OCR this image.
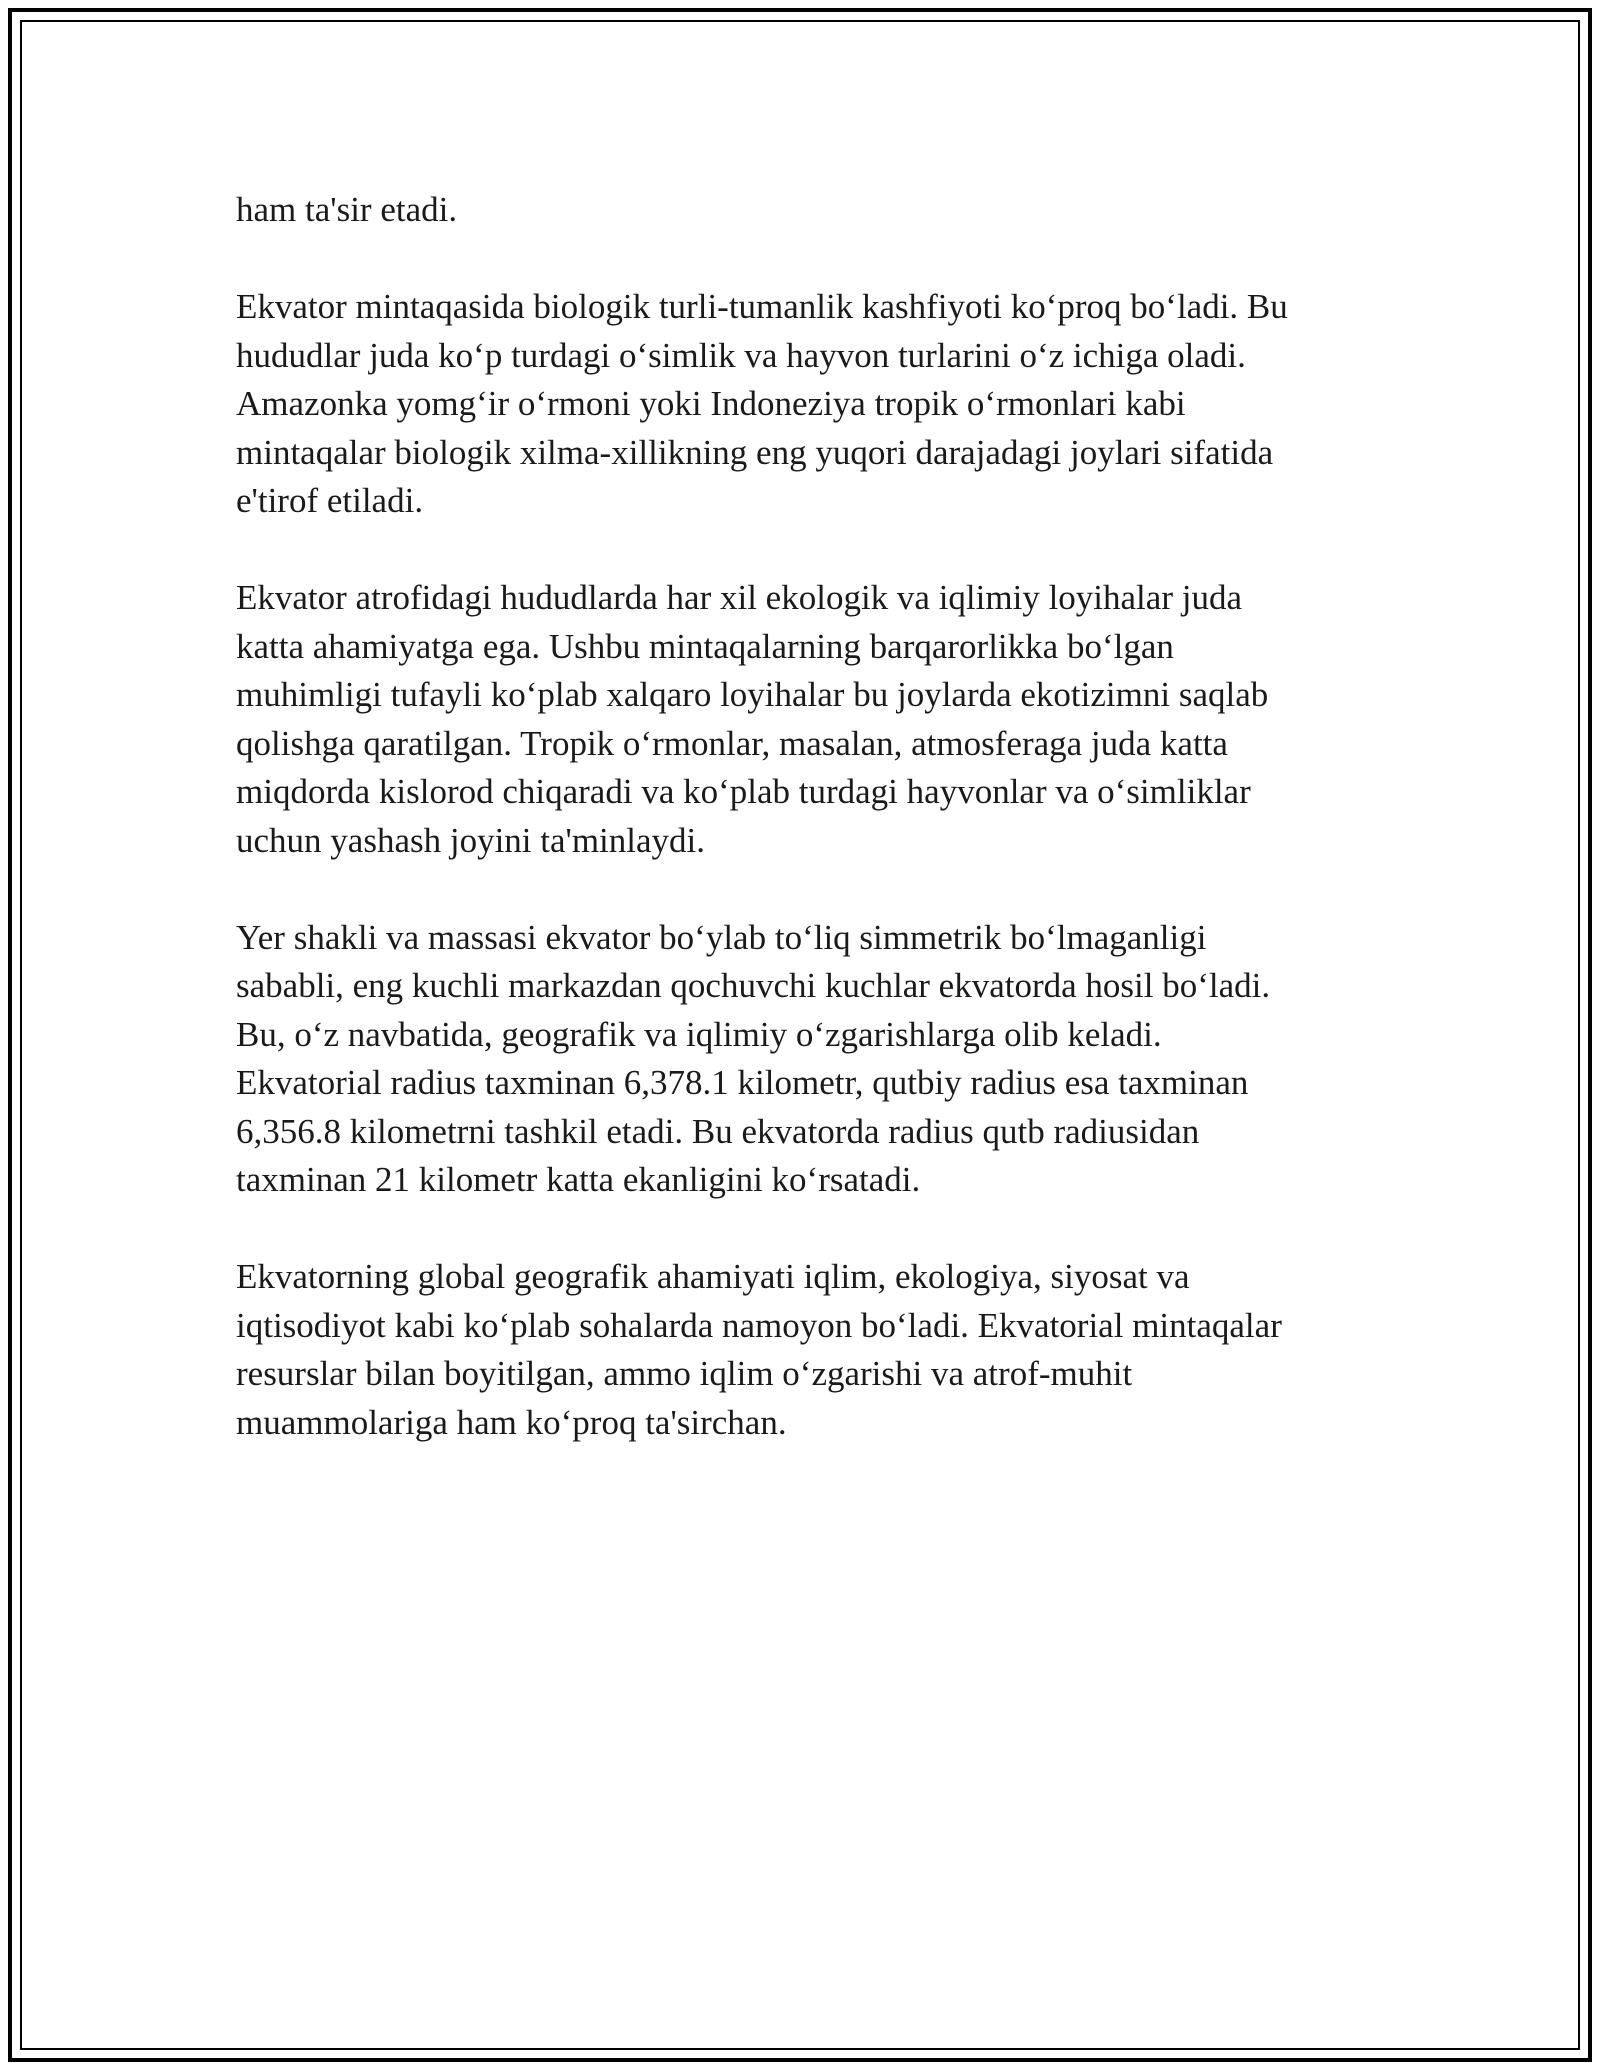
ham ta'sir etadi.

Ekvator mintaqasida biologik turli-tumanlik kashfiyoti ko‘proq bo‘ladi. Bu
hududlar juda ko‘p turdagi o‘simlik va hayvon turlarini o‘z ichiga oladi.
Amazonka yomg‘ir o‘rmoni yoki Indoneziya tropik o‘rmonlari kabi
mintaqalar biologik xilma-xillikning eng yuqori darajadagi joylari sifatida
e'tirof etiladi.

Ekvator atrofidagi hududlarda har xil ekologik va iqlimiy loyihalar juda
katta ahamiyatga ega. Ushbu mintaqalarning barqarorlikka bo‘lgan
muhimligi tufayli ko‘plab xalqaro loyihalar bu joylarda ekotizimni saqlab
qolishga qaratilgan. Tropik o‘rmonlar, masalan, atmosferaga juda katta
miqdorda kislorod chiqaradi va ko‘plab turdagi hayvonlar va o‘simliklar
uchun yashash joyini ta'minlaydi.

Yer shakli va massasi ekvator bo‘ylab to‘liq simmetrik bo‘lmaganligi
sababli, eng kuchli markazdan qochuvchi kuchlar ekvatorda hosil bo‘ladi.
Bu, o‘z navbatida, geografik va iqlimiy o‘zgarishlarga olib keladi.
Ekvatorial radius taxminan 6,378.1 kilometr, qutbiy radius esa taxminan
6,356.8 kilometrni tashkil etadi. Bu ekvatorda radius qutb radiusidan
taxminan 21 kilometr katta ekanligini ko‘rsatadi.

Ekvatorning global geografik ahamiyati iqlim, ekologiya, siyosat va
iqtisodiyot kabi ko‘plab sohalarda namoyon bo‘ladi. Ekvatorial mintaqalar
resurslar bilan boyitilgan, ammo iqlim o‘zgarishi va atrof-muhit
muammolariga ham ko‘proq ta'sirchan.
